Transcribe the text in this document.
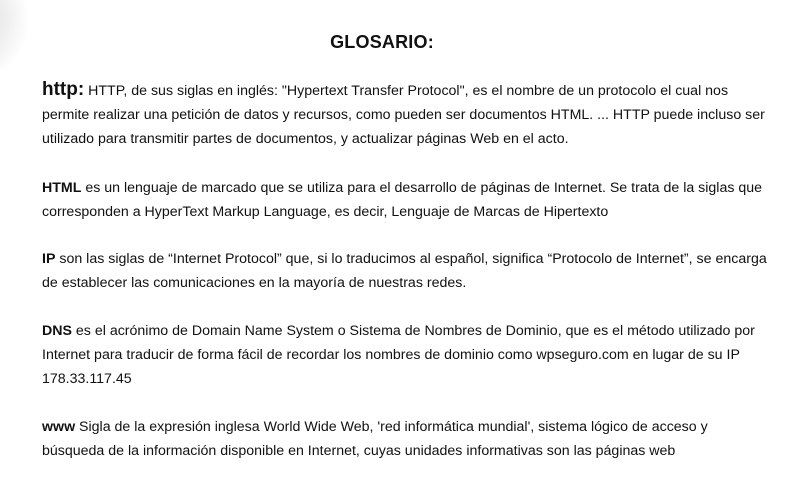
GLOSARIO:
http: HTTP, de sus siglas en inglés: "Hypertext Transfer Protocol", es el nombre de un protocolo el cual nos permite realizar una petición de datos y recursos, como pueden ser documentos HTML. ... HTTP puede incluso ser utilizado para transmitir partes de documentos, y actualizar páginas Web en el acto.
HTML es un lenguaje de marcado que se utiliza para el desarrollo de páginas de Internet. Se trata de la siglas que corresponden a HyperText Markup Language, es decir, Lenguaje de Marcas de Hipertexto
IP son las siglas de “Internet Protocol” que, si lo traducimos al español, significa “Protocolo de Internet”, se encarga de establecer las comunicaciones en la mayoría de nuestras redes.
DNS es el acrónimo de Domain Name System o Sistema de Nombres de Dominio, que es el método utilizado por Internet para traducir de forma fácil de recordar los nombres de dominio como wpseguro.com en lugar de su IP 178.33.117.45
www Sigla de la expresión inglesa World Wide Web, 'red informática mundial', sistema lógico de acceso y búsqueda de la información disponible en Internet, cuyas unidades informativas son las páginas web
